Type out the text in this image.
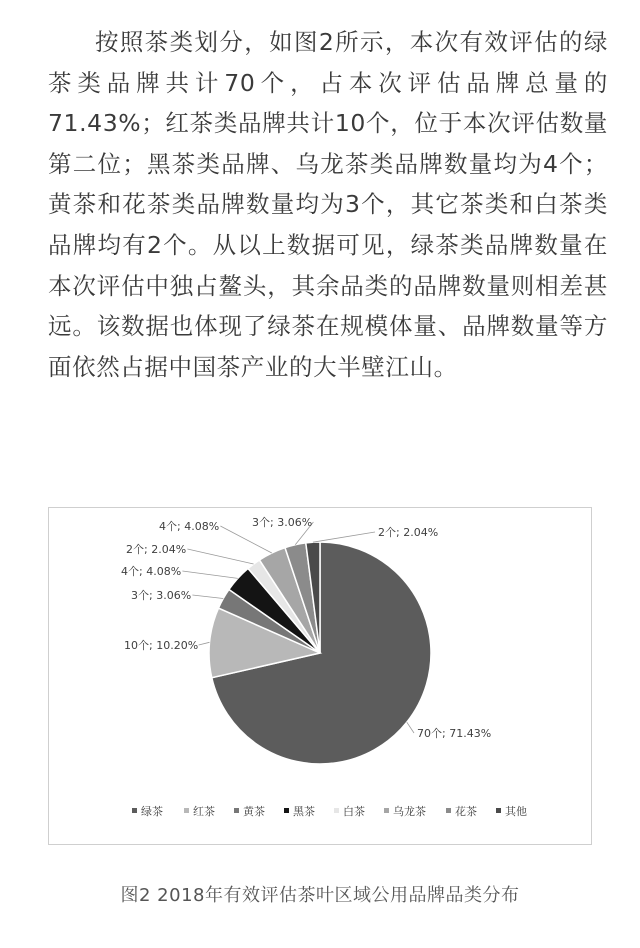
按照茶类划分，如图2所示，本次有效评估的绿茶类品牌共计70个，占本次评估品牌总量的71.43%；红茶类品牌共计10个，位于本次评估数量第二位；黑茶类品牌、乌龙茶类品牌数量均为4个；黄茶和花茶类品牌数量均为3个，其它茶类和白茶类品牌均有2个。从以上数据可见，绿茶类品牌数量在本次评估中独占鳌头，其余品类的品牌数量则相差甚远。该数据也体现了绿茶在规模体量、品牌数量等方面依然占据中国茶产业的大半壁江山。

70个; 71.43%
10个; 10.20%
3个; 3.06%
4个; 4.08%
2个; 2.04%
4个; 4.08%	3个; 3.06%
2个; 2.04%
绿茶	红茶	黄茶	黑茶	白茶	乌龙茶	花茶	其他
图2 2018年有效评估茶叶区域公用品牌品类分布
